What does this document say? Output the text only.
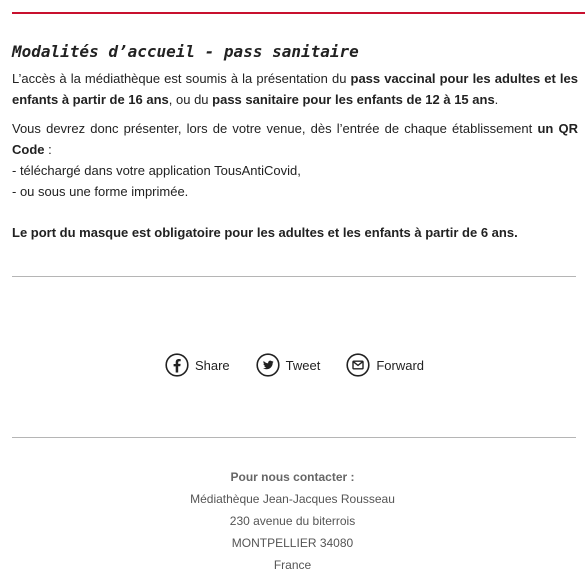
Modalités d’accueil - pass sanitaire

L’accès à la médiathèque est soumis à la présentation du pass vaccinal pour les adultes et les enfants à partir de 16 ans, ou du pass sanitaire pour les enfants de 12 à 15 ans.

Vous devrez donc présenter, lors de votre venue, dès l’entrée de chaque établissement un QR Code :
- téléchargé dans votre application TousAntiCovid,
- ou sous une forme imprimée.

Le port du masque est obligatoire pour les adultes et les enfants à partir de 6 ans.

Share	Tweet	Forward
Pour nous contacter :
Médiathèque Jean-Jacques Rousseau
230 avenue du biterrois
MONTPELLIER 34080
France
